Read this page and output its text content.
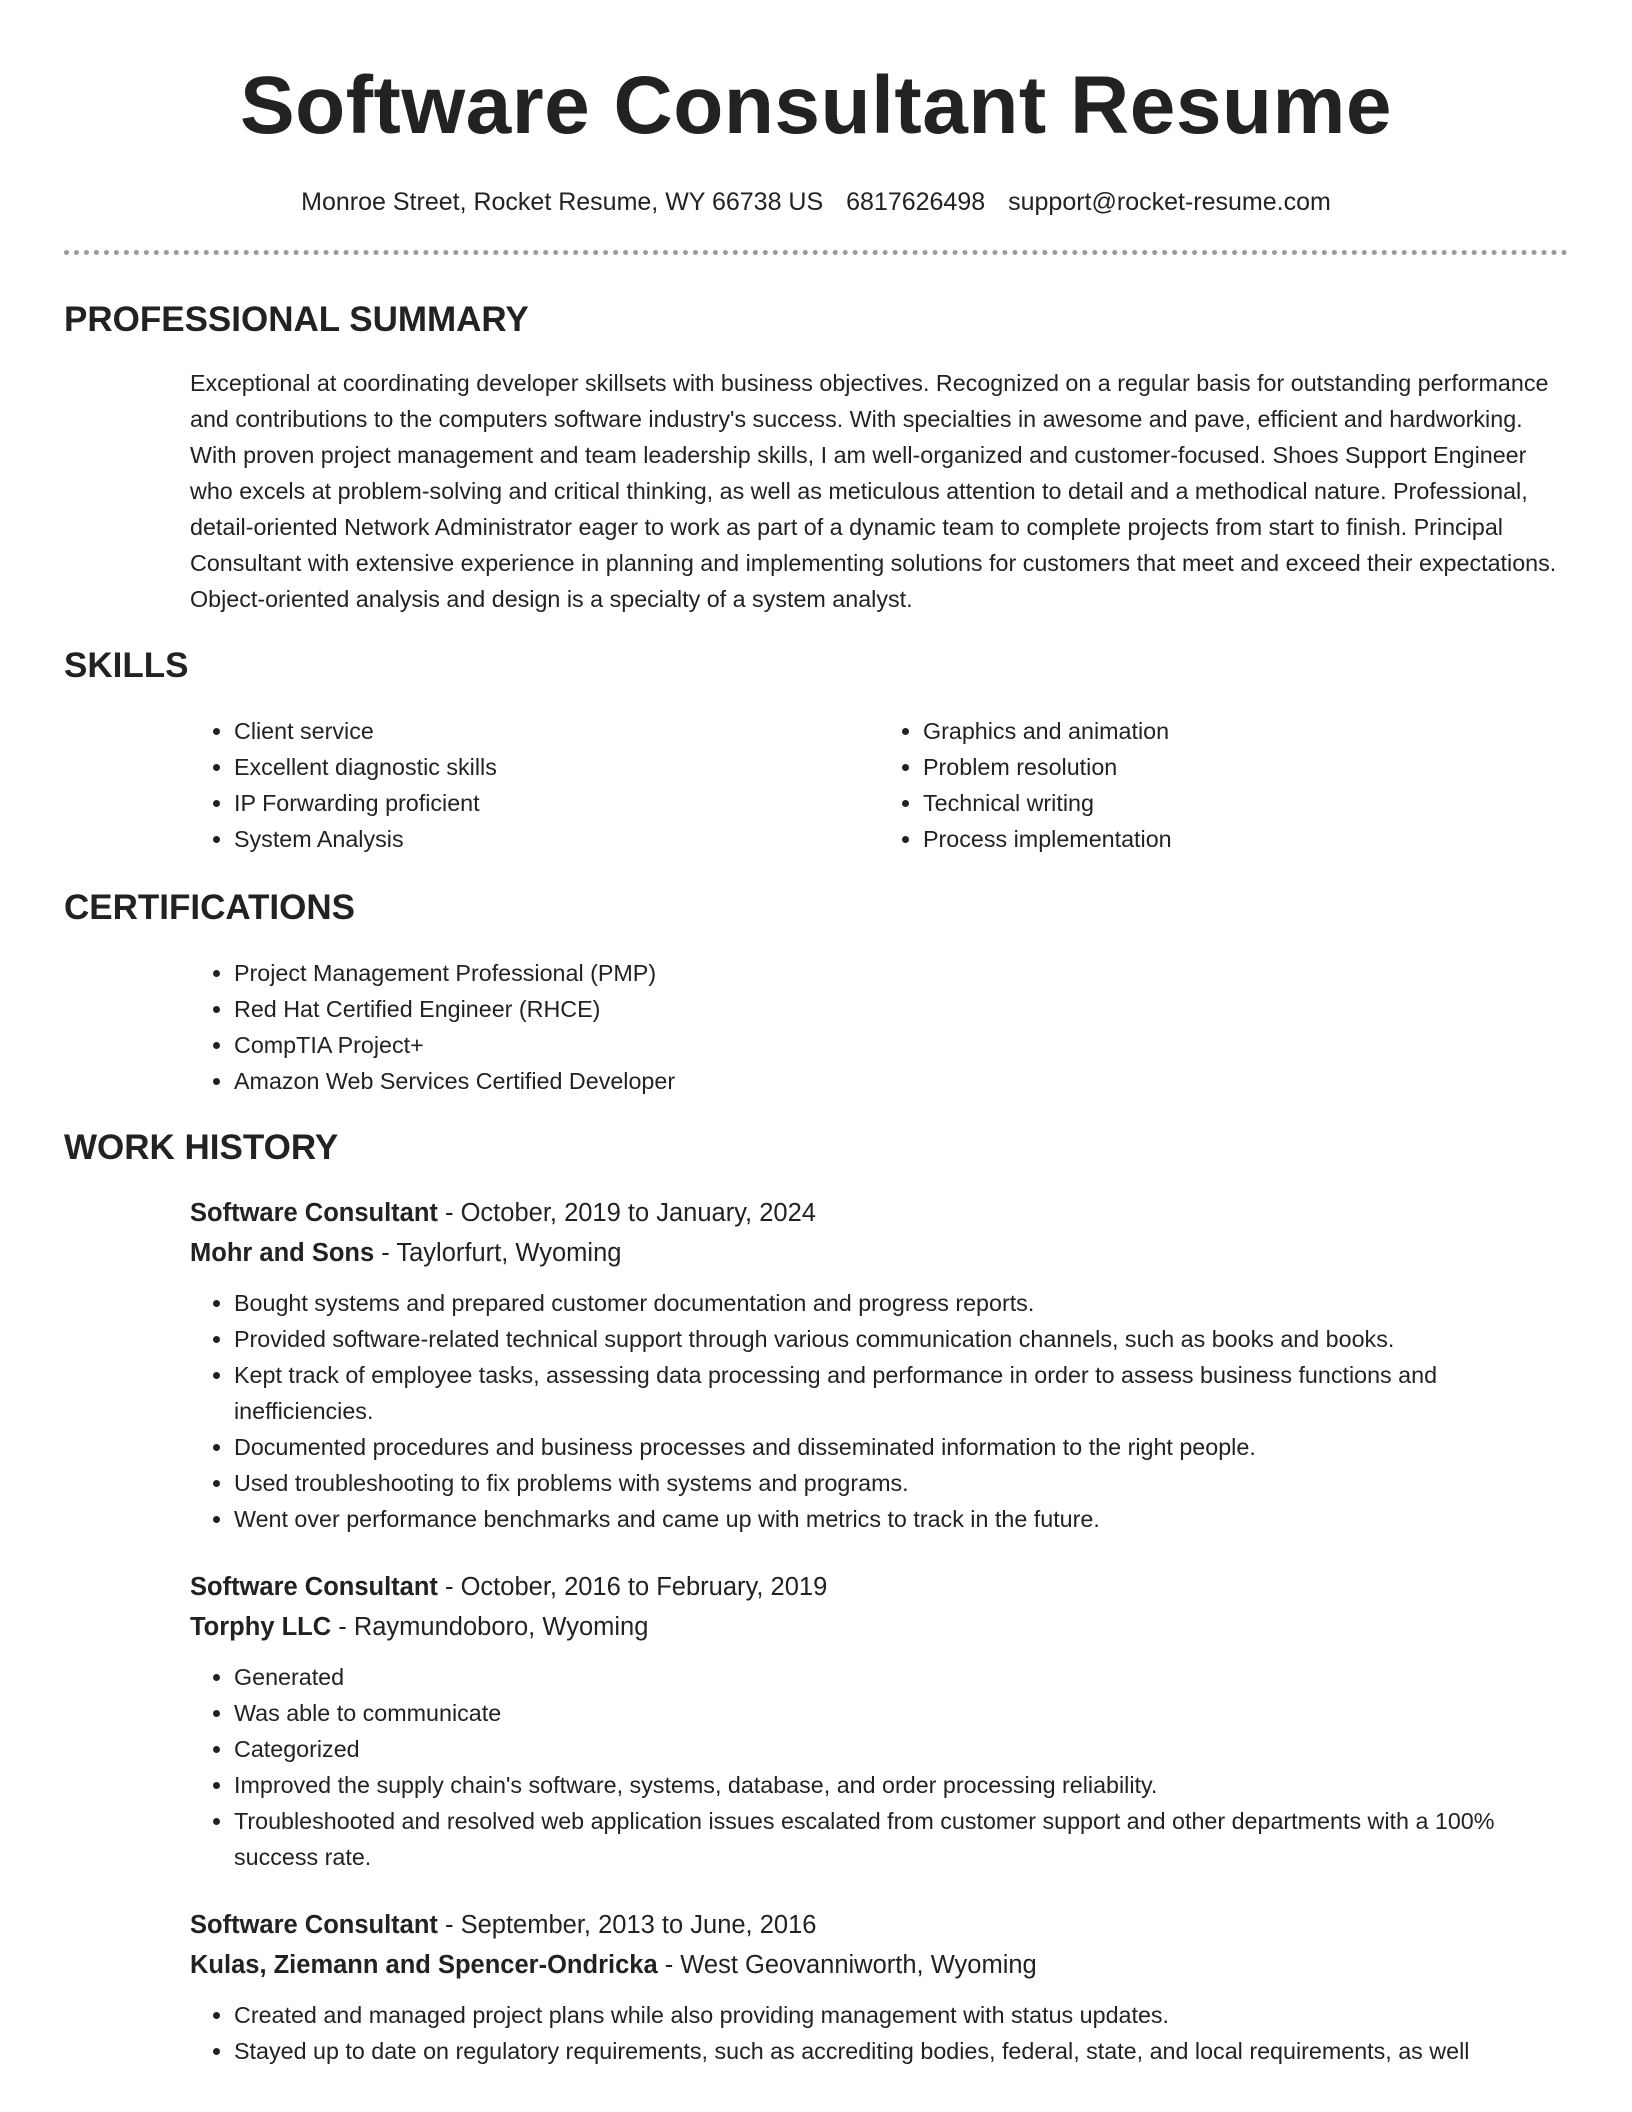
Software Consultant Resume
Monroe Street, Rocket Resume, WY 66738 US 6817626498 support@rocket-resume.com
PROFESSIONAL SUMMARY
Exceptional at coordinating developer skillsets with business objectives. Recognized on a regular basis for outstanding performance and contributions to the computers software industry's success. With specialties in awesome and pave, efficient and hardworking. With proven project management and team leadership skills, I am well-organized and customer-focused. Shoes Support Engineer who excels at problem-solving and critical thinking, as well as meticulous attention to detail and a methodical nature. Professional, detail-oriented Network Administrator eager to work as part of a dynamic team to complete projects from start to finish. Principal Consultant with extensive experience in planning and implementing solutions for customers that meet and exceed their expectations. Object-oriented analysis and design is a specialty of a system analyst.
SKILLS
• Client service
• Excellent diagnostic skills
• IP Forwarding proficient
• System Analysis
• Graphics and animation
• Problem resolution
• Technical writing
• Process implementation
CERTIFICATIONS
• Project Management Professional (PMP)
• Red Hat Certified Engineer (RHCE)
• CompTIA Project+
• Amazon Web Services Certified Developer
WORK HISTORY
Software Consultant - October, 2019 to January, 2024
Mohr and Sons - Taylorfurt, Wyoming
• Bought systems and prepared customer documentation and progress reports.
• Provided software-related technical support through various communication channels, such as books and books.
• Kept track of employee tasks, assessing data processing and performance in order to assess business functions and inefficiencies.
• Documented procedures and business processes and disseminated information to the right people.
• Used troubleshooting to fix problems with systems and programs.
• Went over performance benchmarks and came up with metrics to track in the future.
Software Consultant - October, 2016 to February, 2019
Torphy LLC - Raymundoboro, Wyoming
• Generated
• Was able to communicate
• Categorized
• Improved the supply chain's software, systems, database, and order processing reliability.
• Troubleshooted and resolved web application issues escalated from customer support and other departments with a 100% success rate.
Software Consultant - September, 2013 to June, 2016
Kulas, Ziemann and Spencer-Ondricka - West Geovanniworth, Wyoming
• Created and managed project plans while also providing management with status updates.
• Stayed up to date on regulatory requirements, such as accrediting bodies, federal, state, and local requirements, as well
